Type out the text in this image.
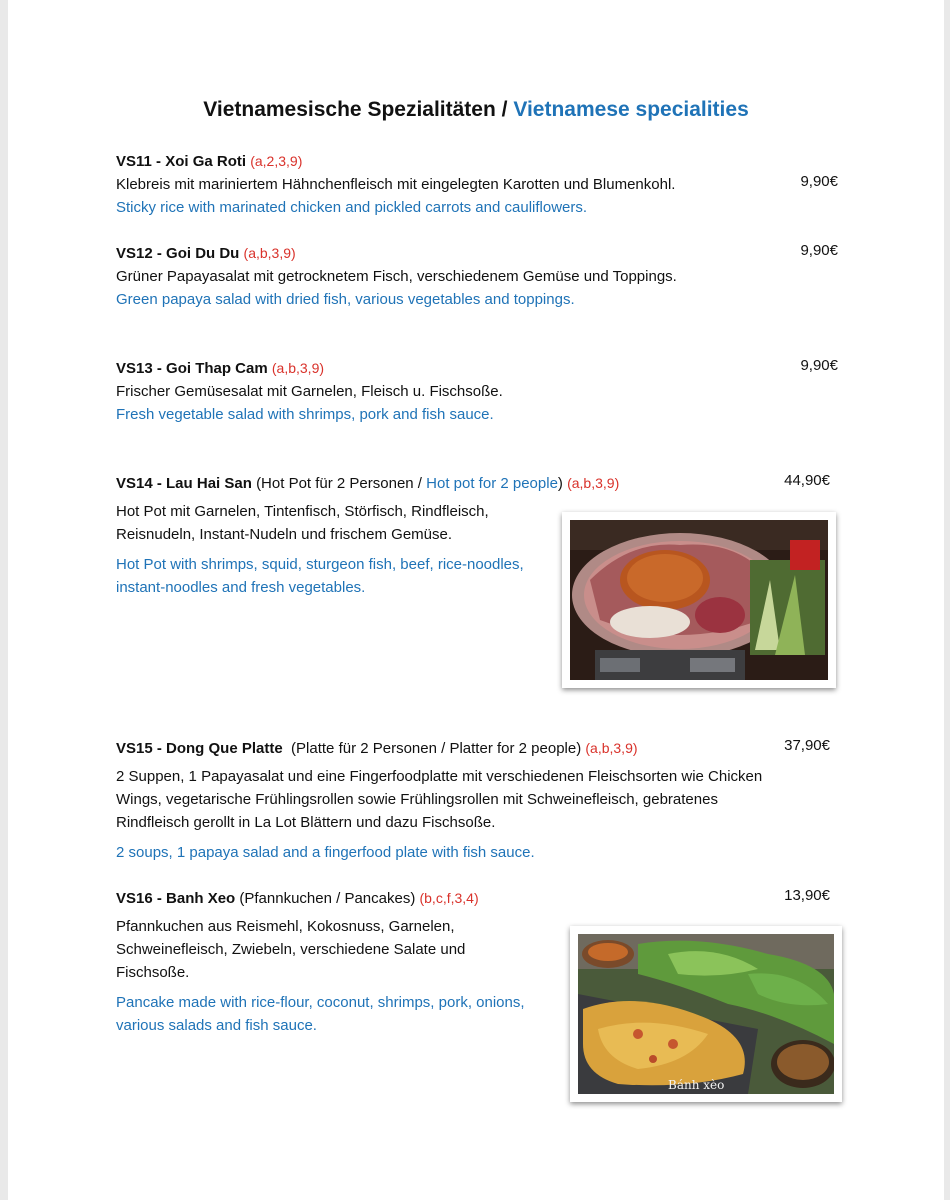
Vietnamesische Spezialitäten / Vietnamese specialities
VS11 - Xoi Ga Roti (a,2,3,9)
Klebreis mit mariniertem Hähnchenfleisch mit eingelegten Karotten und Blumenkohl.
Sticky rice with marinated chicken and pickled carrots and cauliflowers.
9,90€
VS12 - Goi Du Du (a,b,3,9)
Grüner Papayasalat mit getrocknetem Fisch, verschiedenem Gemüse und Toppings.
Green papaya salad with dried fish, various vegetables and toppings.
9,90€
VS13 - Goi Thap Cam (a,b,3,9)
Frischer Gemüsesalat mit Garnelen, Fleisch u. Fischsoße.
Fresh vegetable salad with shrimps, pork and fish sauce.
9,90€
VS14 - Lau Hai San (Hot Pot für 2 Personen / Hot pot for 2 people) (a,b,3,9)
Hot Pot mit Garnelen, Tintenfisch, Störfisch, Rindfleisch, Reisnudeln, Instant-Nudeln und frischem Gemüse.
Hot Pot with shrimps, squid, sturgeon fish, beef, rice-noodles, instant-noodles and fresh vegetables.
44,90€
VS15 - Dong Que Platte (Platte für 2 Personen / Platter for 2 people) (a,b,3,9)
2 Suppen, 1 Papayasalat und eine Fingerfoodplatte mit verschiedenen Fleischsorten wie Chicken Wings, vegetarische Frühlingsrollen sowie Frühlingsrollen mit Schweinefleisch, gebratenes Rindfleisch gerollt in La Lot Blättern und dazu Fischsoße.
2 soups, 1 papaya salad and a fingerfood plate with fish sauce.
37,90€
VS16 - Banh Xeo (Pfannkuchen / Pancakes) (b,c,f,3,4)
Pfannkuchen aus Reismehl, Kokosnuss, Garnelen, Schweinefleisch, Zwiebeln, verschiedene Salate und Fischsoße.
Pancake made with rice-flour, coconut, shrimps, pork, onions, various salads and fish sauce.
13,90€
Bánh xèo
